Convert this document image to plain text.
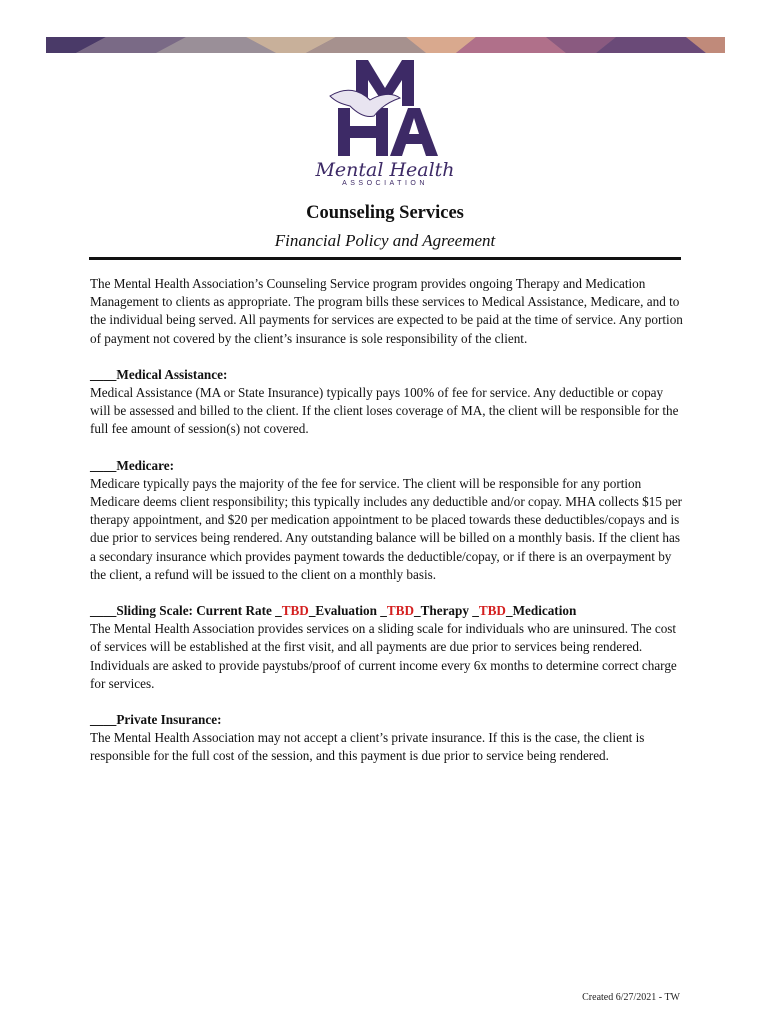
Mental Health
ASSOCIATION
Counseling Services
Financial Policy and Agreement

The Mental Health Association’s Counseling Service program provides ongoing Therapy and Medication Management to clients as appropriate. The program bills these services to Medical Assistance, Medicare, and to the individual being served. All payments for services are expected to be paid at the time of service. Any portion of payment not covered by the client’s insurance is sole responsibility of the client.

____Medical Assistance:

Medical Assistance (MA or State Insurance) typically pays 100% of fee for service. Any deductible or copay will be assessed and billed to the client. If the client loses coverage of MA, the client will be responsible for the full fee amount of session(s) not covered.

____Medicare:

Medicare typically pays the majority of the fee for service. The client will be responsible for any portion Medicare deems client responsibility; this typically includes any deductible and/or copay. MHA collects $15 per therapy appointment, and $20 per medication appointment to be placed towards these deductibles/copays and is due prior to services being rendered. Any outstanding balance will be billed on a monthly basis. If the client has a secondary insurance which provides payment towards the deductible/copay, or if there is an overpayment by the client, a refund will be issued to the client on a monthly basis.

____Sliding Scale: Current Rate _TBD_Evaluation _TBD_Therapy _TBD_Medication

The Mental Health Association provides services on a sliding scale for individuals who are uninsured. The cost of services will be established at the first visit, and all payments are due prior to services being rendered. Individuals are asked to provide paystubs/proof of current income every 6x months to determine correct charge for services.

____Private Insurance:

The Mental Health Association may not accept a client’s private insurance. If this is the case, the client is responsible for the full cost of the session, and this payment is due prior to service being rendered.

Created 6/27/2021 - TW
